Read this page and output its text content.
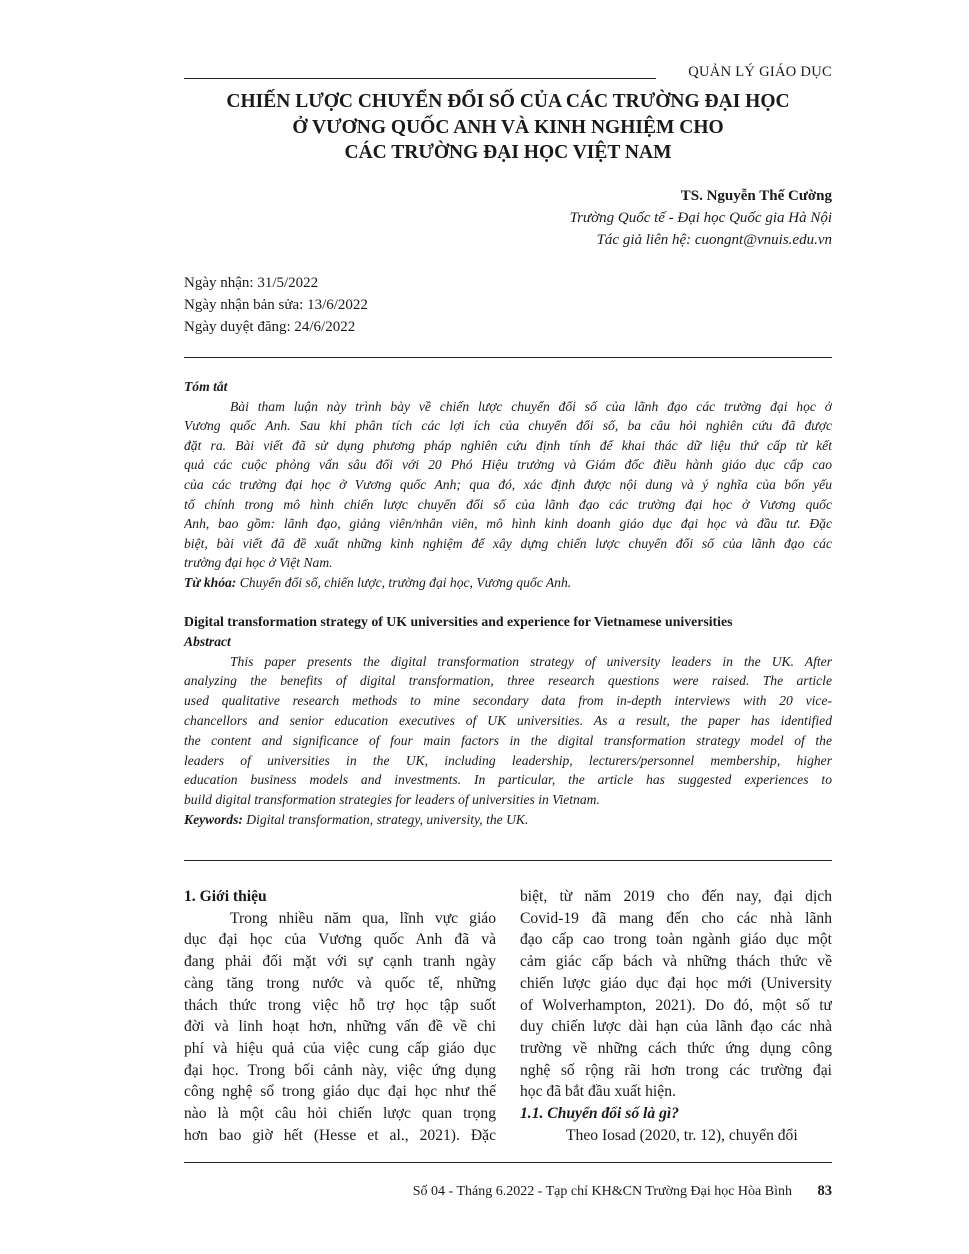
QUẢN LÝ GIÁO DỤC
CHIẾN LƯỢC CHUYỂN ĐỔI SỐ CỦA CÁC TRƯỜNG ĐẠI HỌC
Ở VƯƠNG QUỐC ANH VÀ KINH NGHIỆM CHO
CÁC TRƯỜNG ĐẠI HỌC VIỆT NAM
TS. Nguyễn Thế Cường
Trường Quốc tế - Đại học Quốc gia Hà Nội
Tác giả liên hệ: cuongnt@vnuis.edu.vn
Ngày nhận: 31/5/2022
Ngày nhận bản sửa: 13/6/2022
Ngày duyệt đăng: 24/6/2022
Tóm tắt
Bài tham luận này trình bày về chiến lược chuyển đổi số của lãnh đạo các trường đại học ở
Vương quốc Anh. Sau khi phân tích các lợi ích của chuyển đổi số, ba câu hỏi nghiên cứu đã được
đặt ra. Bài viết đã sử dụng phương pháp nghiên cứu định tính để khai thác dữ liệu thứ cấp từ kết
quả các cuộc phỏng vấn sâu đối với 20 Phó Hiệu trưởng và Giám đốc điều hành giáo dục cấp cao
của các trường đại học ở Vương quốc Anh; qua đó, xác định được nội dung và ý nghĩa của bốn yếu
tố chính trong mô hình chiến lược chuyển đổi số của lãnh đạo các trường đại học ở Vương quốc
Anh, bao gồm: lãnh đạo, giảng viên/nhân viên, mô hình kinh doanh giáo dục đại học và đầu tư. Đặc
biệt, bài viết đã đề xuất những kinh nghiệm để xây dựng chiến lược chuyển đổi số của lãnh đạo các
trường đại học ở Việt Nam.
Từ khóa: Chuyển đổi số, chiến lược, trường đại học, Vương quốc Anh.
Digital transformation strategy of UK universities and experience for Vietnamese universities
Abstract
This paper presents the digital transformation strategy of university leaders in the UK. After
analyzing the benefits of digital transformation, three research questions were raised. The article
used qualitative research methods to mine secondary data from in-depth interviews with 20 vice-
chancellors and senior education executives of UK universities. As a result, the paper has identified
the content and significance of four main factors in the digital transformation strategy model of the
leaders of universities in the UK, including leadership, lecturers/personnel membership, higher
education business models and investments. In particular, the article has suggested experiences to
build digital transformation strategies for leaders of universities in Vietnam.
Keywords: Digital transformation, strategy, university, the UK.
1. Giới thiệu
Trong nhiều năm qua, lĩnh vực giáo
dục đại học của Vương quốc Anh đã và
đang phải đối mặt với sự cạnh tranh ngày
càng tăng trong nước và quốc tế, những
thách thức trong việc hỗ trợ học tập suốt
đời và linh hoạt hơn, những vấn đề về chi
phí và hiệu quả của việc cung cấp giáo dục
đại học. Trong bối cảnh này, việc ứng dụng
công nghệ số trong giáo dục đại học như thế
nào là một câu hỏi chiến lược quan trọng
hơn bao giờ hết (Hesse et al., 2021). Đặc
biệt, từ năm 2019 cho đến nay, đại dịch
Covid-19 đã mang đến cho các nhà lãnh
đạo cấp cao trong toàn ngành giáo dục một
cảm giác cấp bách và những thách thức về
chiến lược giáo dục đại học mới (University
of Wolverhampton, 2021). Do đó, một số tư
duy chiến lược dài hạn của lãnh đạo các nhà
trường về những cách thức ứng dụng công
nghệ số rộng rãi hơn trong các trường đại
học đã bắt đầu xuất hiện.
1.1. Chuyển đổi số là gì?
Theo Iosad (2020, tr. 12), chuyển đổi
Số 04 - Tháng 6.2022 - Tạp chí KH&CN Trường Đại học Hòa Bình 83
